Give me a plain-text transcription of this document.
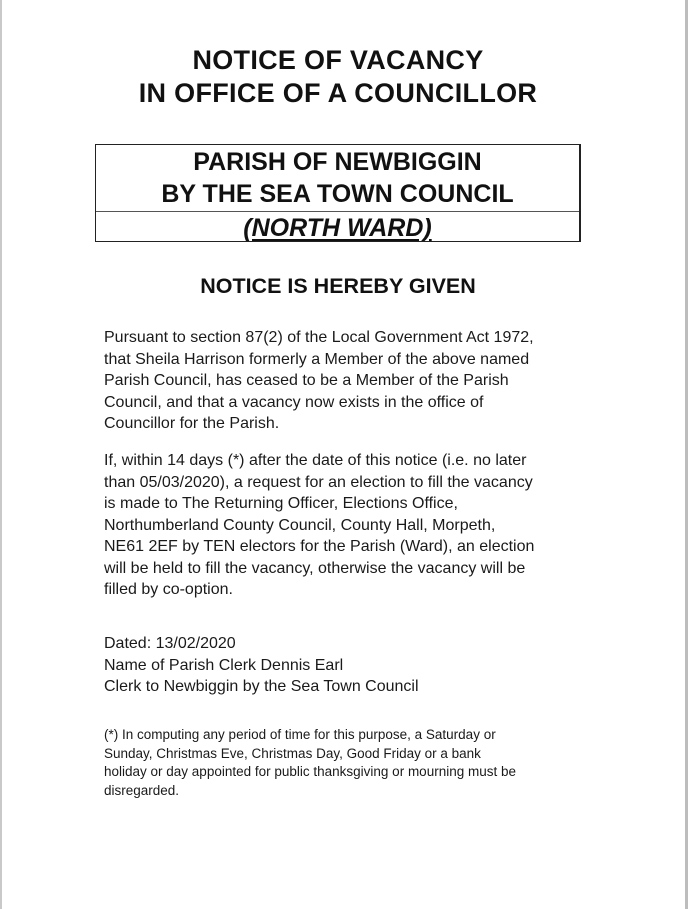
NOTICE OF VACANCY
IN OFFICE OF A COUNCILLOR
PARISH OF NEWBIGGIN
BY THE SEA TOWN COUNCIL
(NORTH WARD)
NOTICE IS HEREBY GIVEN
Pursuant to section 87(2) of the Local Government Act 1972,
that Sheila Harrison formerly a Member of the above named
Parish Council, has ceased to be a Member of the Parish
Council, and that a vacancy now exists in the office of
Councillor for the Parish.
If, within 14 days (*) after the date of this notice (i.e. no later
than 05/03/2020), a request for an election to fill the vacancy
is made to The Returning Officer, Elections Office,
Northumberland County Council, County Hall, Morpeth,
NE61 2EF by TEN electors for the Parish (Ward), an election
will be held to fill the vacancy, otherwise the vacancy will be
filled by co-option.
Dated: 13/02/2020
Name of Parish Clerk Dennis Earl
Clerk to Newbiggin by the Sea Town Council
(*) In computing any period of time for this purpose, a Saturday or
Sunday, Christmas Eve, Christmas Day, Good Friday or a bank
holiday or day appointed for public thanksgiving or mourning must be
disregarded.
